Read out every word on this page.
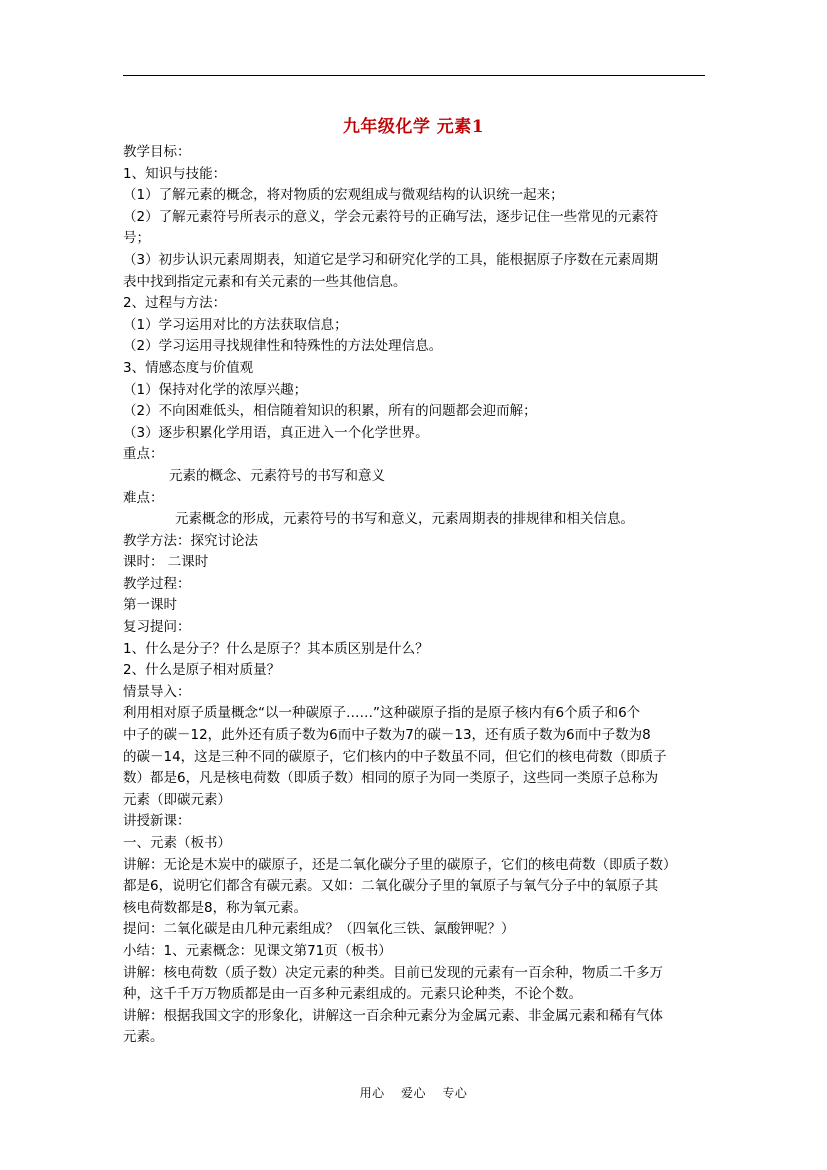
九年级化学 元素1

教学目标：

1、知识与技能：

（1）了解元素的概念，将对物质的宏观组成与微观结构的认识统一起来；

（2）了解元素符号所表示的意义，学会元素符号的正确写法，逐步记住一些常见的元素符

号；

（3）初步认识元素周期表，知道它是学习和研究化学的工具，能根据原子序数在元素周期

表中找到指定元素和有关元素的一些其他信息。

2、过程与方法：

（1）学习运用对比的方法获取信息；

（2）学习运用寻找规律性和特殊性的方法处理信息。

3、情感态度与价值观

（1）保持对化学的浓厚兴趣；

（2）不向困难低头，相信随着知识的积累，所有的问题都会迎而解；

（3）逐步积累化学用语，真正进入一个化学世界。

重点：

元素的概念、元素符号的书写和意义

难点：

元素概念的形成，元素符号的书写和意义，元素周期表的排规律和相关信息。

教学方法：探究讨论法

课时： 二课时

教学过程：

第一课时

复习提问：

1、什么是分子？什么是原子？其本质区别是什么？

2、什么是原子相对质量？

情景导入：

利用相对原子质量概念“以一种碳原子……”这种碳原子指的是原子核内有6个质子和6个

中子的碳－12，此外还有质子数为6而中子数为7的碳－13，还有质子数为6而中子数为8

的碳－14，这是三种不同的碳原子，它们核内的中子数虽不同，但它们的核电荷数（即质子

数）都是6，凡是核电荷数（即质子数）相同的原子为同一类原子，这些同一类原子总称为

元素（即碳元素）

讲授新课：

一、元素（板书）

讲解：无论是木炭中的碳原子，还是二氧化碳分子里的碳原子，它们的核电荷数（即质子数）

都是6，说明它们都含有碳元素。又如：二氧化碳分子里的氧原子与氧气分子中的氧原子其

核电荷数都是8，称为氧元素。

提问：二氧化碳是由几种元素组成？（四氧化三铁、氯酸钾呢？）

小结：1、元素概念：见课文第71页（板书）

讲解：核电荷数（质子数）决定元素的种类。目前已发现的元素有一百余种，物质二千多万

种，这千千万万物质都是由一百多种元素组成的。元素只论种类，不论个数。

讲解：根据我国文字的形象化，讲解这一百余种元素分为金属元素、非金属元素和稀有气体

元素。

用心 爱心 专心
